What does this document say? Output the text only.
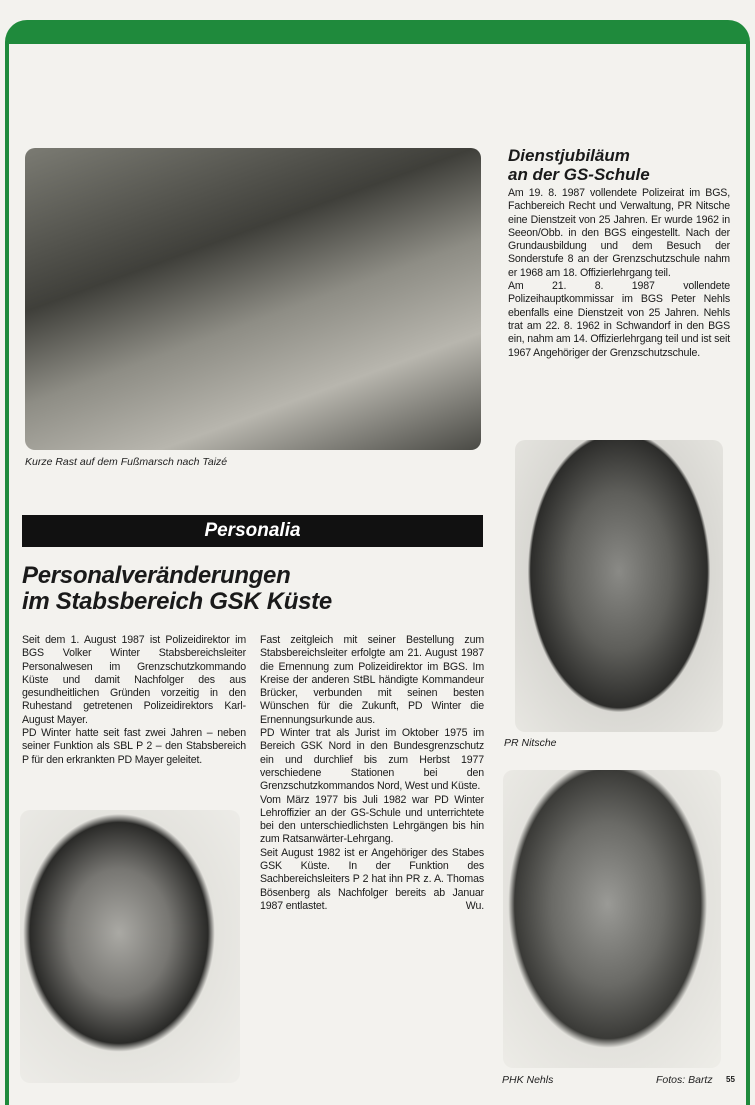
Kurze Rast auf dem Fußmarsch nach Taizé
Dienstjubiläum
an der GS-Schule

Am 19. 8. 1987 vollendete Polizeirat im BGS, Fachbereich Recht und Verwaltung, PR Nitsche eine Dienstzeit von 25 Jahren. Er wurde 1962 in Seeon/Obb. in den BGS eingestellt. Nach der Grundausbildung und dem Besuch der Sonderstufe 8 an der Grenzschutzschule nahm er 1968 am 18. Offizierlehrgang teil.

Am 21. 8. 1987 vollendete Polizeihauptkommissar im BGS Peter Nehls ebenfalls eine Dienstzeit von 25 Jahren. Nehls trat am 22. 8. 1962 in Schwandorf in den BGS ein, nahm am 14. Offizierlehrgang teil und ist seit 1967 Angehöriger der Grenzschutzschule.

PR Nitsche
Personalia
Personalveränderungen
im Stabsbereich GSK Küste

Seit dem 1. August 1987 ist Polizeidirektor im BGS Volker Winter Stabsbereichsleiter Personalwesen im Grenzschutzkommando Küste und damit Nachfolger des aus gesundheitlichen Gründen vorzeitig in den Ruhestand getretenen Polizeidirektors Karl-August Mayer.

PD Winter hatte seit fast zwei Jahren – neben seiner Funktion als SBL P 2 – den Stabsbereich P für den erkrankten PD Mayer geleitet.

Fast zeitgleich mit seiner Bestellung zum Stabsbereichsleiter erfolgte am 21. August 1987 die Ernennung zum Polizeidirektor im BGS. Im Kreise der anderen StBL händigte Kommandeur Brücker, verbunden mit seinen besten Wünschen für die Zukunft, PD Winter die Ernennungsurkunde aus.

PD Winter trat als Jurist im Oktober 1975 im Bereich GSK Nord in den Bundesgrenzschutz ein und durchlief bis zum Herbst 1977 verschiedene Stationen bei den Grenzschutzkommandos Nord, West und Küste.

Vom März 1977 bis Juli 1982 war PD Winter Lehroffizier an der GS-Schule und unterrichtete bei den unterschiedlichsten Lehrgängen bis hin zum Ratsanwärter-Lehrgang.

Seit August 1982 ist er Angehöriger des Stabes GSK Küste. In der Funktion des Sachbereichsleiters P 2 hat ihn PR z. A. Thomas Bösenberg als Nachfolger bereits ab Januar 1987 entlastet.	Wu.

PHK Nehls	Fotos: Bartz 55
